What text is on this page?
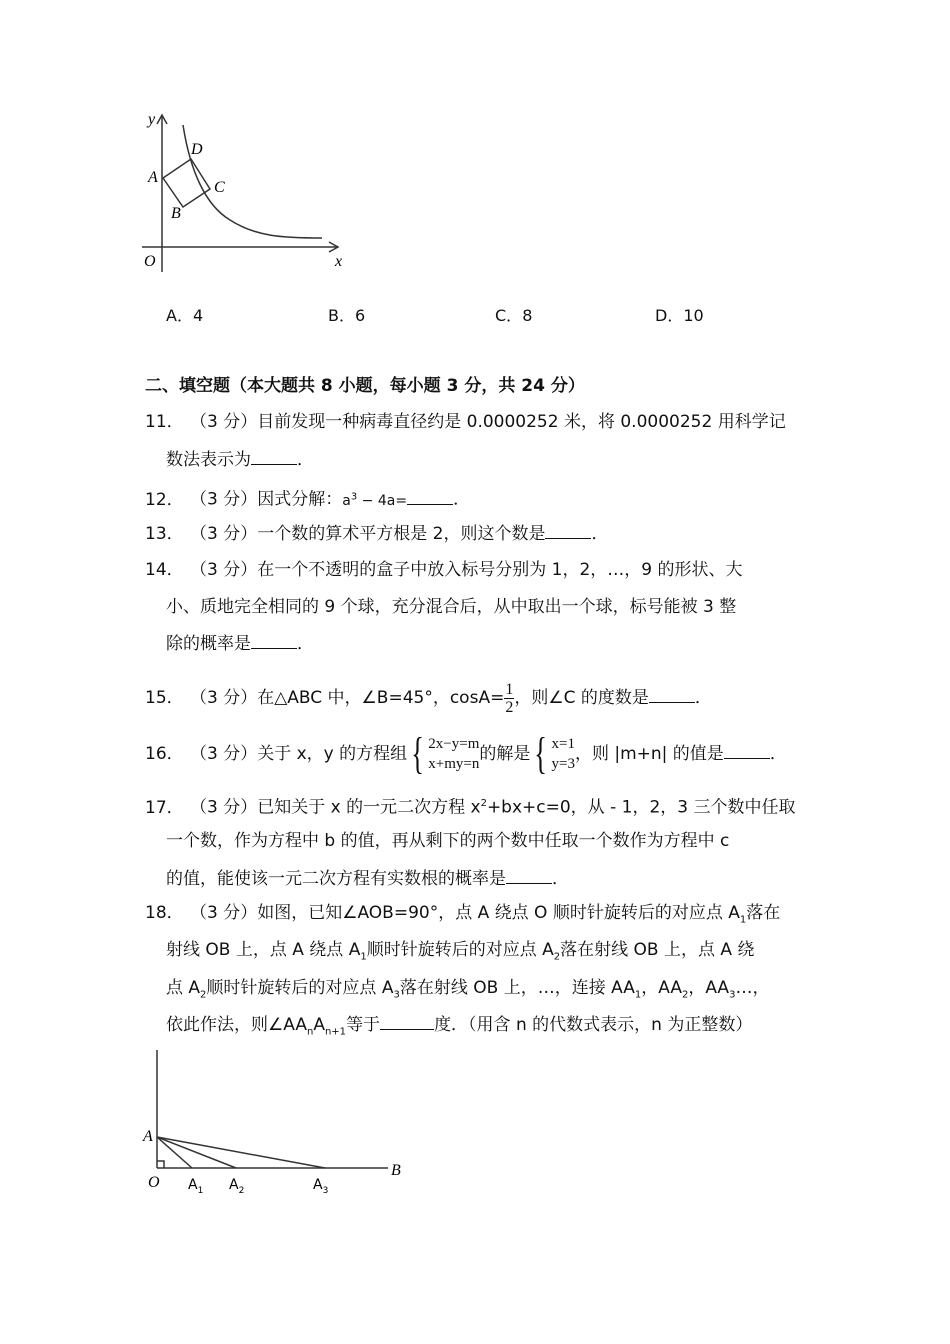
y
x
O
A
B
C
D
A．4	B．6	C．8	D．10
二、填空题（本大题共 8 小题，每小题 3 分，共 24 分）
11． （3 分）目前发现一种病毒直径约是 0.0000252 米，将 0.0000252 用科学记
数法表示为	．
12． （3 分）因式分解：$a^3 - 4a=$	．
13． （3 分）一个数的算术平方根是 2，则这个数是	．
14． （3 分）在一个不透明的盒子中放入标号分别为 1，2，…，9 的形状、大
小、质地完全相同的 9 个球，充分混合后，从中取出一个球，标号能被 3 整
除的概率是	．
15． （3 分）在△ABC 中，∠B=45°，$\cos A= \frac{1}{2}$ ，则∠C 的度数是	．
16． （3 分）关于 x，y 的方程组 { 2x−y=m
x+my=n 的解是 { x=1
y=3 ，则 |m+n| 的值是	．
17． （3 分）已知关于 x 的一元二次方程 $x^2+bx+c=0$，从 - 1，2，3 三个数中任取
一个数，作为方程中 b 的值，再从剩下的两个数中任取一个数作为方程中 c
的值，能使该一元二次方程有实数根的概率是	．
18． （3 分）如图，已知∠AOB=90°，点 A 绕点 O 顺时针旋转后的对应点 $A_1$落在
射线 OB 上，点 A 绕点 $A_1$顺时针旋转后的对应点 $A_2$落在射线 OB 上，点 A 绕
点 $A_2$顺时针旋转后的对应点 $A_3$落在射线 OB 上，…，连接 $AA_1$，$AA_2$，$AA_3\dots$，
依此作法，则$\angle AA_nA_{n+1}$等于	度．（用含 n 的代数式表示，n 为正整数）
A
O
B
$A_1$ $A_2$	$A_3$
